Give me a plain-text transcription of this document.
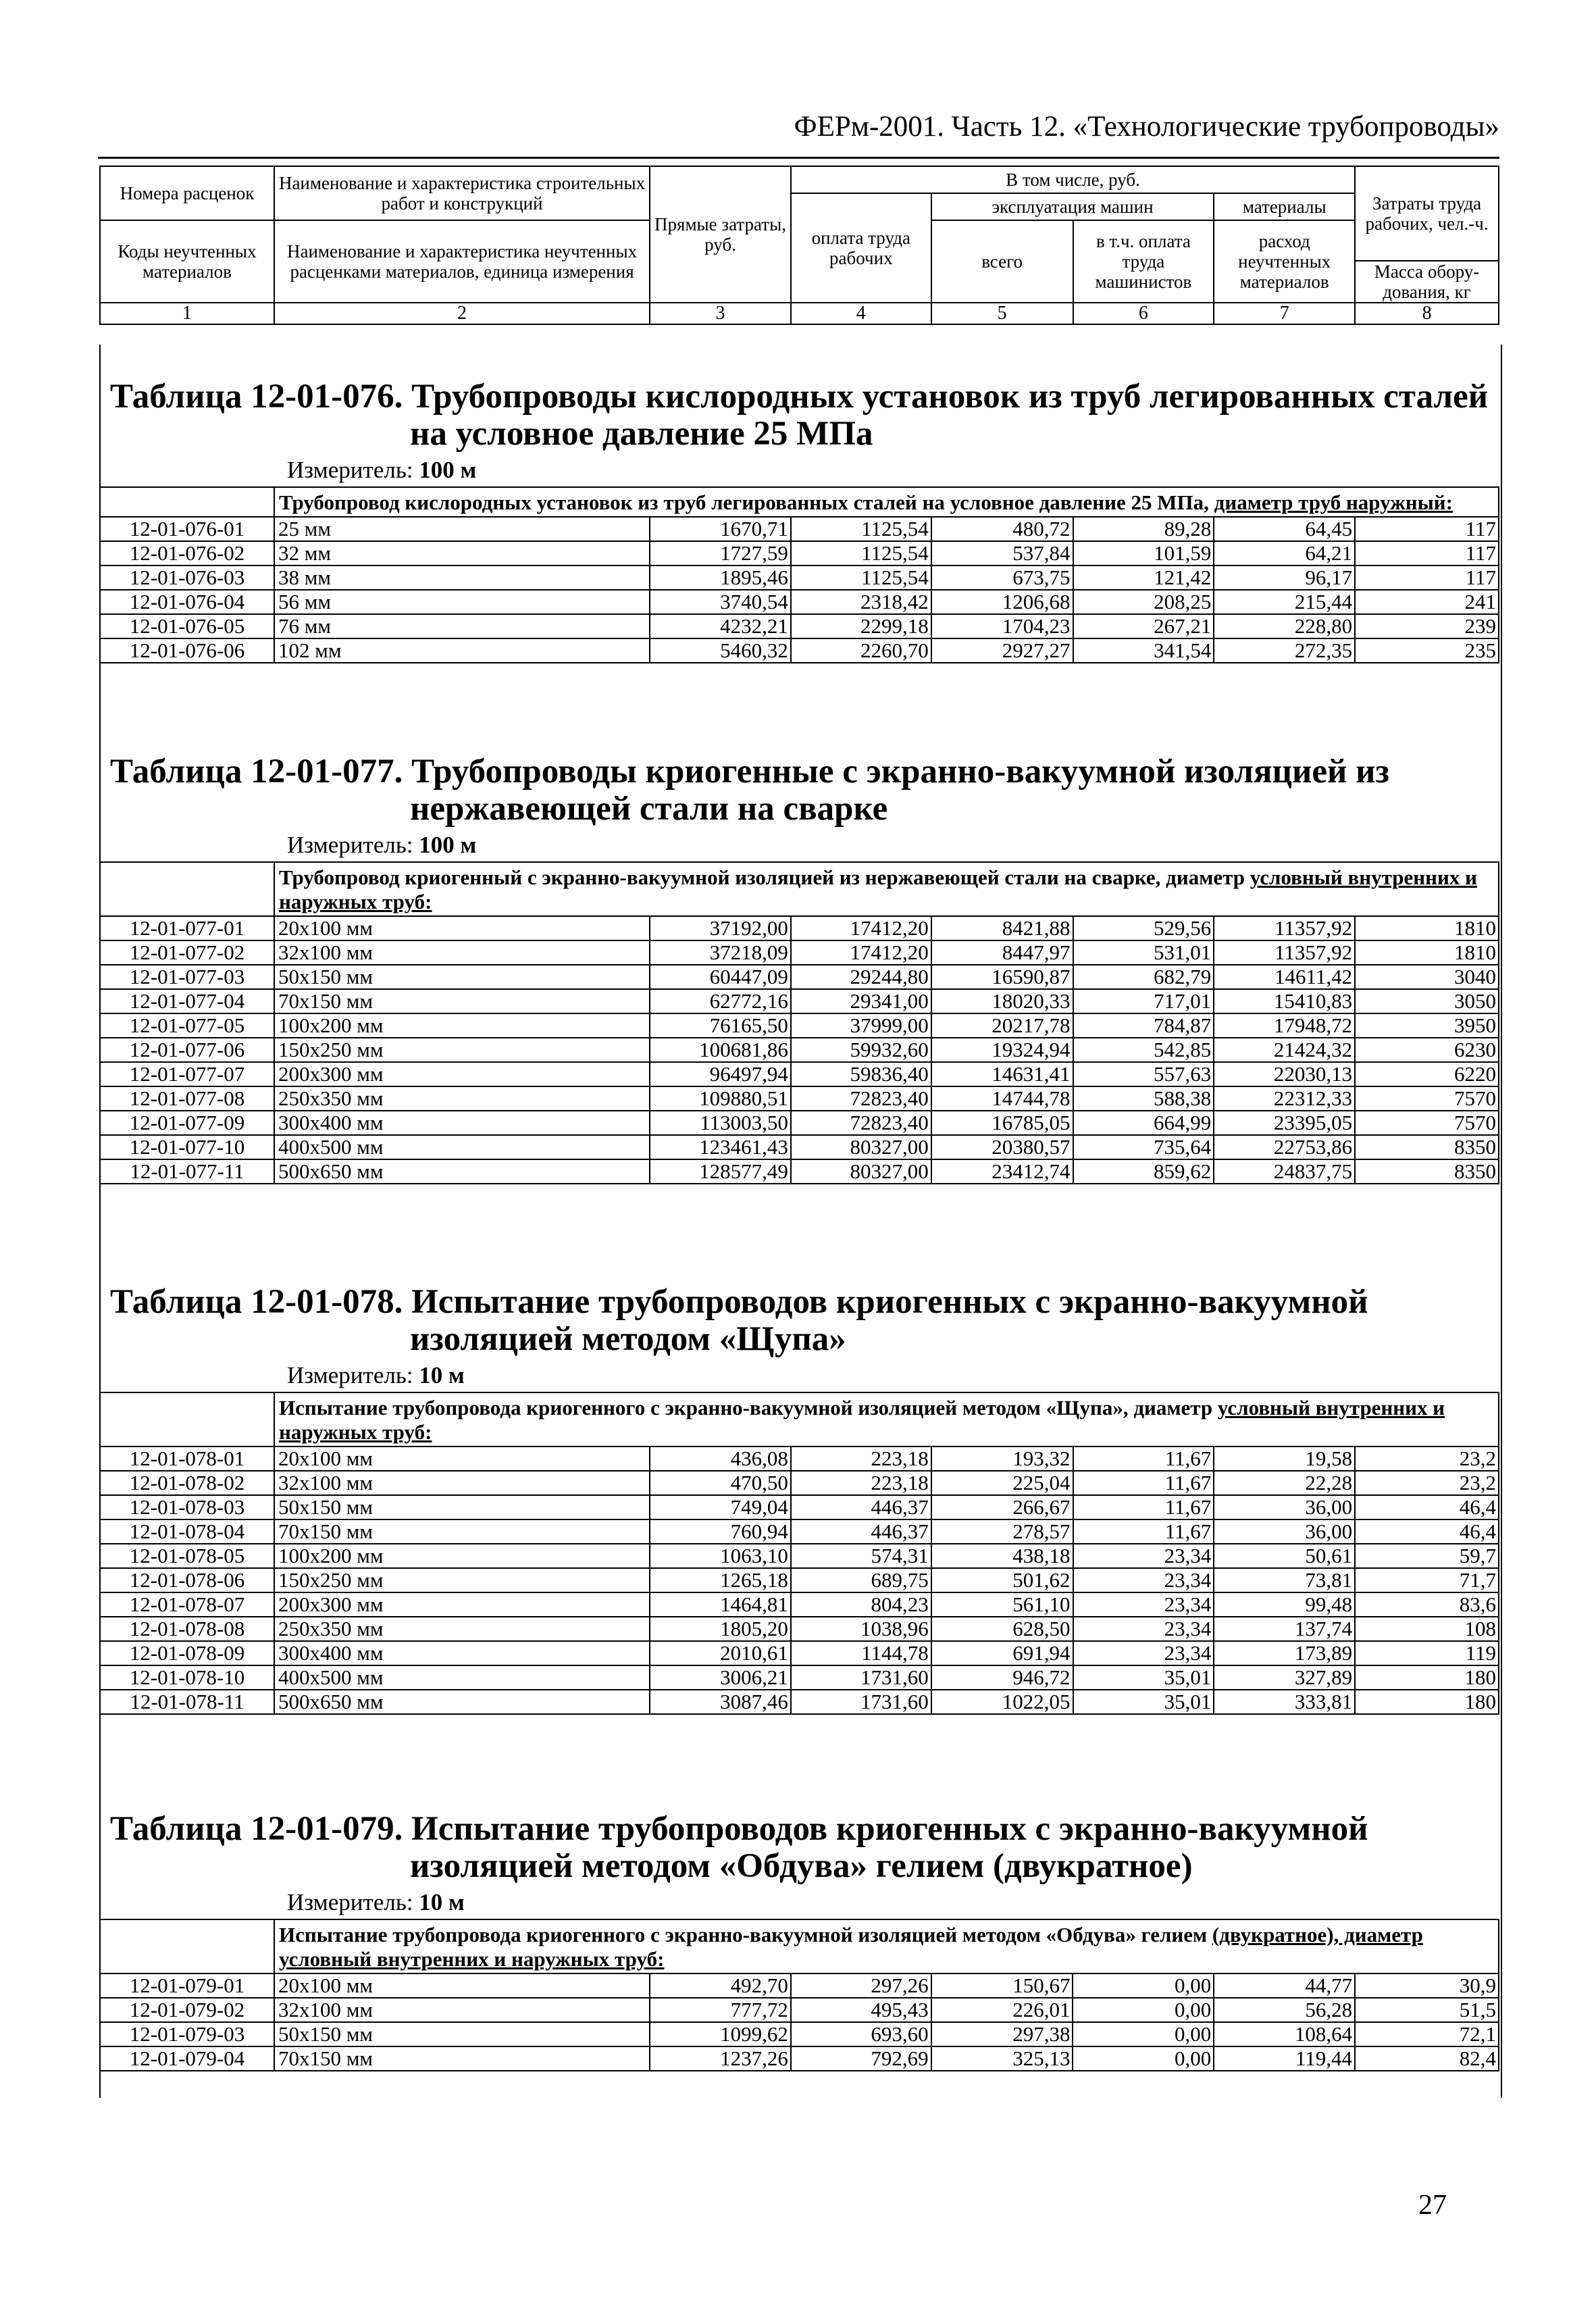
ФЕРм-2001. Часть 12. «Технологические трубопроводы»
Номера расценок	Наименование и характеристика строительных работ и конструкций	Прямые затраты, руб.	В том числе, руб.				Затраты труда рабочих, чел.-ч.
			оплата труда рабочих	эксплуатация машин		материалы	
Коды неучтенных материалов	Наименование и характеристика неучтенных расценками материалов, единица измерения			всего	в т.ч. оплата труда машинистов	расход неучтенных материалов	
							Масса обору-дования, кг
1	2	3	4	5	6	7	8

Таблица 12-01-076. Трубопроводы кислородных установок из труб легированных сталей

на условное давление 25 МПа

Измеритель: 100 м
	Трубопровод кислородных установок из труб легированных сталей на условное давление 25 МПа, диаметр труб наружный:						
12-01-076-01	25 мм	1670,71	1125,54	480,72	89,28	64,45	117
12-01-076-02	32 мм	1727,59	1125,54	537,84	101,59	64,21	117
12-01-076-03	38 мм	1895,46	1125,54	673,75	121,42	96,17	117
12-01-076-04	56 мм	3740,54	2318,42	1206,68	208,25	215,44	241
12-01-076-05	76 мм	4232,21	2299,18	1704,23	267,21	228,80	239
12-01-076-06	102 мм	5460,32	2260,70	2927,27	341,54	272,35	235

Таблица 12-01-077. Трубопроводы криогенные с экранно-вакуумной изоляцией из

нержавеющей стали на сварке

Измеритель: 100 м
	Трубопровод криогенный с экранно-вакуумной изоляцией из нержавеющей стали на сварке, диаметр условный внутренних и наружных труб:						
12-01-077-01	20x100 мм	37192,00	17412,20	8421,88	529,56	11357,92	1810
12-01-077-02	32x100 мм	37218,09	17412,20	8447,97	531,01	11357,92	1810
12-01-077-03	50x150 мм	60447,09	29244,80	16590,87	682,79	14611,42	3040
12-01-077-04	70x150 мм	62772,16	29341,00	18020,33	717,01	15410,83	3050
12-01-077-05	100x200 мм	76165,50	37999,00	20217,78	784,87	17948,72	3950
12-01-077-06	150x250 мм	100681,86	59932,60	19324,94	542,85	21424,32	6230
12-01-077-07	200x300 мм	96497,94	59836,40	14631,41	557,63	22030,13	6220
12-01-077-08	250x350 мм	109880,51	72823,40	14744,78	588,38	22312,33	7570
12-01-077-09	300x400 мм	113003,50	72823,40	16785,05	664,99	23395,05	7570
12-01-077-10	400x500 мм	123461,43	80327,00	20380,57	735,64	22753,86	8350
12-01-077-11	500x650 мм	128577,49	80327,00	23412,74	859,62	24837,75	8350

Таблица 12-01-078. Испытание трубопроводов криогенных с экранно-вакуумной

изоляцией методом «Щупа»

Измеритель: 10 м
	Испытание трубопровода криогенного с экранно-вакуумной изоляцией методом «Щупа», диаметр условный внутренних и наружных труб:						
12-01-078-01	20x100 мм	436,08	223,18	193,32	11,67	19,58	23,2
12-01-078-02	32x100 мм	470,50	223,18	225,04	11,67	22,28	23,2
12-01-078-03	50x150 мм	749,04	446,37	266,67	11,67	36,00	46,4
12-01-078-04	70x150 мм	760,94	446,37	278,57	11,67	36,00	46,4
12-01-078-05	100x200 мм	1063,10	574,31	438,18	23,34	50,61	59,7
12-01-078-06	150x250 мм	1265,18	689,75	501,62	23,34	73,81	71,7
12-01-078-07	200x300 мм	1464,81	804,23	561,10	23,34	99,48	83,6
12-01-078-08	250x350 мм	1805,20	1038,96	628,50	23,34	137,74	108
12-01-078-09	300x400 мм	2010,61	1144,78	691,94	23,34	173,89	119
12-01-078-10	400x500 мм	3006,21	1731,60	946,72	35,01	327,89	180
12-01-078-11	500x650 мм	3087,46	1731,60	1022,05	35,01	333,81	180

Таблица 12-01-079. Испытание трубопроводов криогенных с экранно-вакуумной

изоляцией методом «Обдува» гелием (двукратное)

Измеритель: 10 м
	Испытание трубопровода криогенного с экранно-вакуумной изоляцией методом «Обдува» гелием (двукратное), диаметр условный внутренних и наружных труб:						
12-01-079-01	20x100 мм	492,70	297,26	150,67	0,00	44,77	30,9
12-01-079-02	32x100 мм	777,72	495,43	226,01	0,00	56,28	51,5
12-01-079-03	50x150 мм	1099,62	693,60	297,38	0,00	108,64	72,1
12-01-079-04	70x150 мм	1237,26	792,69	325,13	0,00	119,44	82,4
27
